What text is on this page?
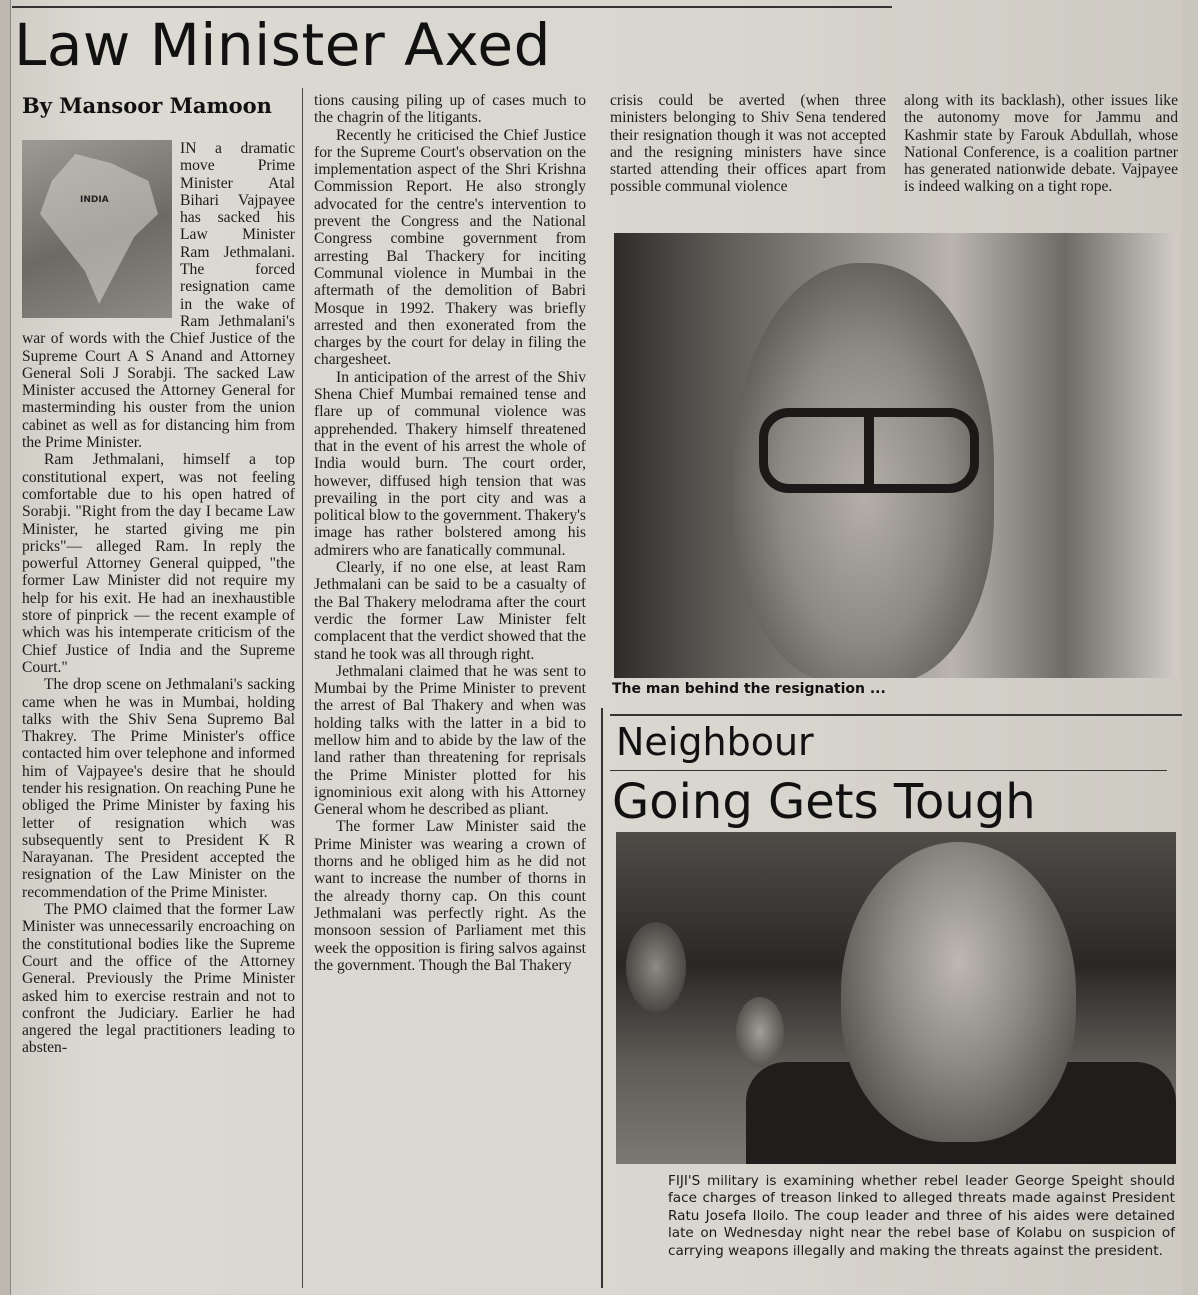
Law Minister Axed
By Mansoor Mamoon
INDIA

IN a dramatic move Prime Minister Atal Bihari Vajpayee has sacked his Law Minister Ram Jethmalani. The forced resignation came in the wake of Ram Jethmalani's war of words with the Chief Justice of the Supreme Court A S Anand and Attorney General Soli J Sorabji. The sacked Law Minister accused the Attorney General for masterminding his ouster from the union cabinet as well as for distancing him from the Prime Minister.

Ram Jethmalani, himself a top constitutional expert, was not feeling comfortable due to his open hatred of Sorabji. "Right from the day I became Law Minister, he started giving me pin pricks"— alleged Ram. In reply the powerful Attorney General quipped, "the former Law Minister did not require my help for his exit. He had an inexhaustible store of pinprick — the recent example of which was his intemperate criticism of the Chief Justice of India and the Supreme Court."

The drop scene on Jethmalani's sacking came when he was in Mumbai, holding talks with the Shiv Sena Supremo Bal Thakrey. The Prime Minister's office contacted him over telephone and informed him of Vajpayee's desire that he should tender his resignation. On reaching Pune he obliged the Prime Minister by faxing his letter of resignation which was subsequently sent to President K R Narayanan. The President accepted the resignation of the Law Minister on the recommendation of the Prime Minister.

The PMO claimed that the former Law Minister was unnecessarily encroaching on the constitutional bodies like the Supreme Court and the office of the Attorney General. Previously the Prime Minister asked him to exercise restrain and not to confront the Judiciary. Earlier he had angered the legal practitioners leading to absten-

tions causing piling up of cases much to the chagrin of the litigants.

Recently he criticised the Chief Justice for the Supreme Court's observation on the implementation aspect of the Shri Krishna Commission Report. He also strongly advocated for the centre's intervention to prevent the Congress and the National Congress combine government from arresting Bal Thackery for inciting Communal violence in Mumbai in the aftermath of the demolition of Babri Mosque in 1992. Thakery was briefly arrested and then exonerated from the charges by the court for delay in filing the chargesheet.

In anticipation of the arrest of the Shiv Shena Chief Mumbai remained tense and flare up of communal violence was apprehended. Thakery himself threatened that in the event of his arrest the whole of India would burn. The court order, however, diffused high tension that was prevailing in the port city and was a political blow to the government. Thakery's image has rather bolstered among his admirers who are fanatically communal.

Clearly, if no one else, at least Ram Jethmalani can be said to be a casualty of the Bal Thakery melodrama after the court verdic the former Law Minister felt complacent that the verdict showed that the stand he took was all through right.

Jethmalani claimed that he was sent to Mumbai by the Prime Minister to prevent the arrest of Bal Thakery and when was holding talks with the latter in a bid to mellow him and to abide by the law of the land rather than threatening for reprisals the Prime Minister plotted for his ignominious exit along with his Attorney General whom he described as pliant.

The former Law Minister said the Prime Minister was wearing a crown of thorns and he obliged him as he did not want to increase the number of thorns in the already thorny cap. On this count Jethmalani was perfectly right. As the monsoon session of Parliament met this week the opposition is firing salvos against the government. Though the Bal Thakery

crisis could be averted (when three ministers belonging to Shiv Sena tendered their resignation though it was not accepted and the resigning ministers have since started attending their offices apart from possible communal violence

along with its backlash), other issues like the autonomy move for Jammu and Kashmir state by Farouk Abdullah, whose National Conference, is a coalition partner has generated nationwide debate. Vajpayee is indeed walking on a tight rope.

The man behind the resignation ...

Neighbour
Going Gets Tough

FIJI'S military is examining whether rebel leader George Speight should face charges of treason linked to alleged threats made against President Ratu Josefa Iloilo. The coup leader and three of his aides were detained late on Wednesday night near the rebel base of Kolabu on suspicion of carrying weapons illegally and making the threats against the president.
